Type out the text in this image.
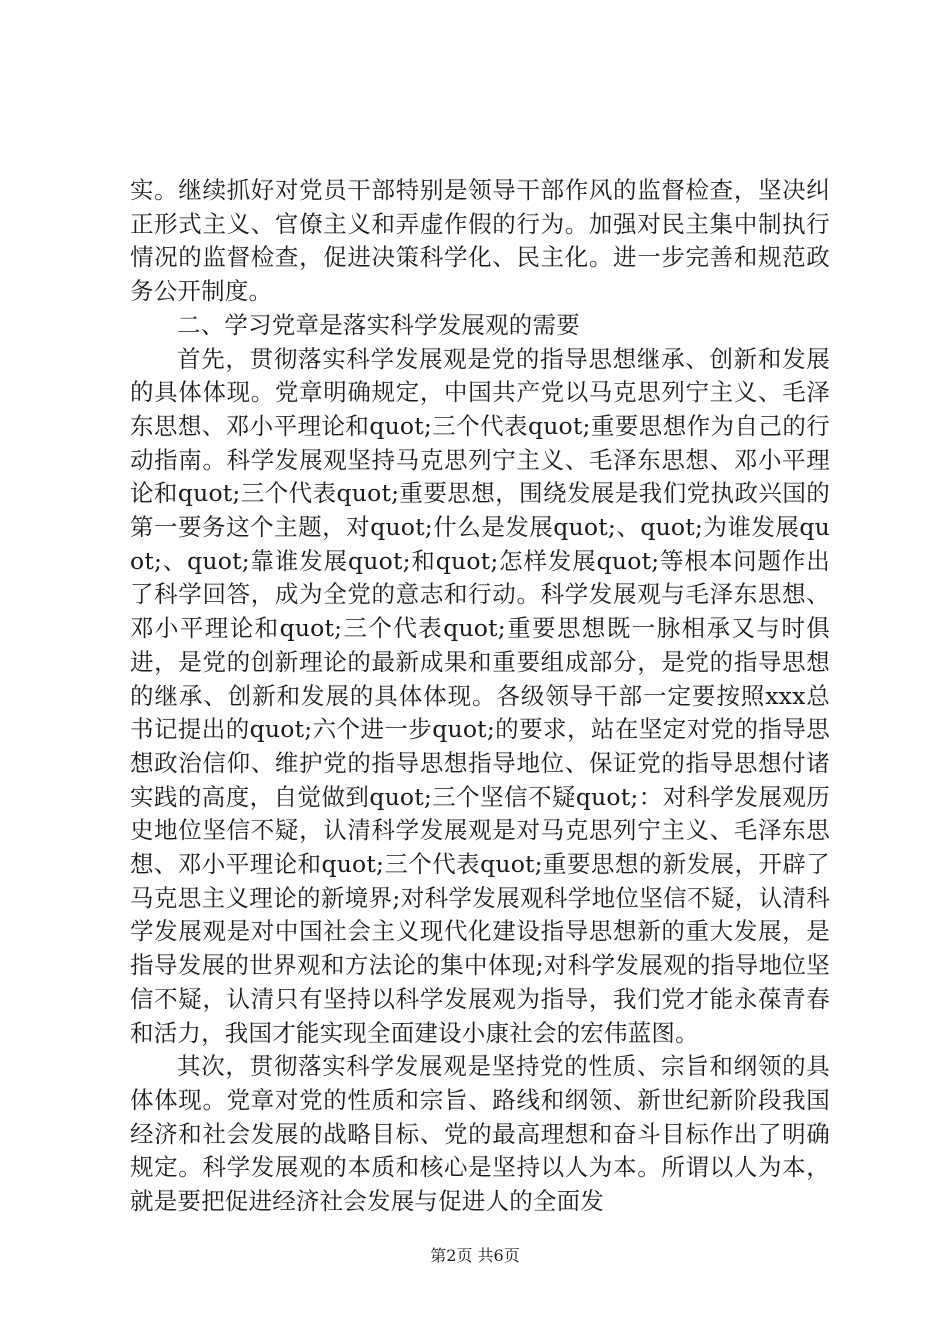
实。继续抓好对党员干部特别是领导干部作风的监督检查，坚决纠正形式主义、官僚主义和弄虚作假的行为。加强对民主集中制执行情况的监督检查，促进决策科学化、民主化。进一步完善和规范政务公开制度。

二、学习党章是落实科学发展观的需要

首先，贯彻落实科学发展观是党的指导思想继承、创新和发展的具体体现。党章明确规定，中国共产党以马克思列宁主义、毛泽东思想、邓小平理论和quot;三个代表quot;重要思想作为自己的行动指南。科学发展观坚持马克思列宁主义、毛泽东思想、邓小平理论和quot;三个代表quot;重要思想，围绕发展是我们党执政兴国的第一要务这个主题，对quot;什么是发展quot;、quot;为谁发展quot;、quot;靠谁发展quot;和quot;怎样发展quot;等根本问题作出了科学回答，成为全党的意志和行动。科学发展观与毛泽东思想、邓小平理论和quot;三个代表quot;重要思想既一脉相承又与时俱进，是党的创新理论的最新成果和重要组成部分，是党的指导思想的继承、创新和发展的具体体现。各级领导干部一定要按照xxx总书记提出的quot;六个进一步quot;的要求，站在坚定对党的指导思想政治信仰、维护党的指导思想指导地位、保证党的指导思想付诸实践的高度，自觉做到quot;三个坚信不疑quot;：对科学发展观历史地位坚信不疑，认清科学发展观是对马克思列宁主义、毛泽东思想、邓小平理论和quot;三个代表quot;重要思想的新发展，开辟了马克思主义理论的新境界;对科学发展观科学地位坚信不疑，认清科学发展观是对中国社会主义现代化建设指导思想新的重大发展，是指导发展的世界观和方法论的集中体现;对科学发展观的指导地位坚信不疑，认清只有坚持以科学发展观为指导，我们党才能永葆青春和活力，我国才能实现全面建设小康社会的宏伟蓝图。

其次，贯彻落实科学发展观是坚持党的性质、宗旨和纲领的具体体现。党章对党的性质和宗旨、路线和纲领、新世纪新阶段我国经济和社会发展的战略目标、党的最高理想和奋斗目标作出了明确规定。科学发展观的本质和核心是坚持以人为本。所谓以人为本，就是要把促进经济社会发展与促进人的全面发

第2页 共6页
